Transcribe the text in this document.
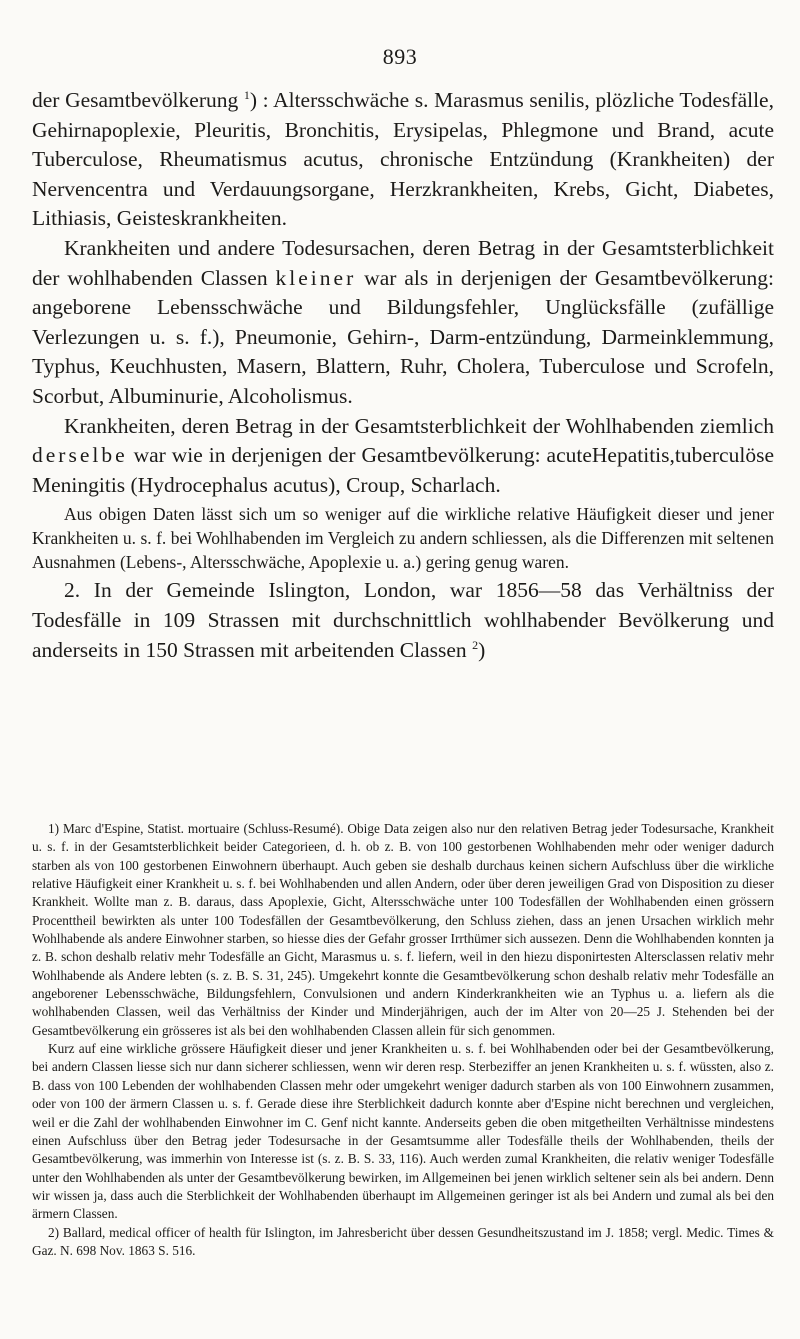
893

der Gesamtbevölkerung $^1$) : Altersschwäche s. Marasmus senilis, plözliche Todesfälle, Gehirnapoplexie, Pleuritis, Bronchitis, Erysipelas, Phlegmone und Brand, acute Tuberculose, Rheumatismus acutus, chronische Entzündung (Krankheiten) der Nervencentra und Verdauungsorgane, Herzkrankheiten, Krebs, Gicht, Diabetes, Lithiasis, Geisteskrankheiten.

Krankheiten und andere Todesursachen, deren Betrag in der Gesamtsterblichkeit der wohlhabenden Classen kleiner war als in derjenigen der Gesamtbevölkerung: angeborene Lebensschwäche und Bildungsfehler, Unglücksfälle (zufällige Verlezungen u. s. f.), Pneumonie, Gehirn-, Darm-entzündung, Darmeinklemmung, Typhus, Keuchhusten, Masern, Blattern, Ruhr, Cholera, Tuberculose und Scrofeln, Scorbut, Albuminurie, Alcoholismus.

Krankheiten, deren Betrag in der Gesamtsterblichkeit der Wohlhabenden ziemlich derselbe war wie in derjenigen der Gesamtbevölkerung: acuteHepatitis,tuberculöse Meningitis (Hydrocephalus acutus), Croup, Scharlach.

Aus obigen Daten lässt sich um so weniger auf die wirkliche relative Häufigkeit dieser und jener Krankheiten u. s. f. bei Wohlhabenden im Vergleich zu andern schliessen, als die Differenzen mit seltenen Ausnahmen (Lebens-, Altersschwäche, Apoplexie u. a.) gering genug waren.

2. In der Gemeinde Islington, London, war 1856—58 das Verhältniss der Todesfälle in 109 Strassen mit durchschnittlich wohlhabender Bevölkerung und anderseits in 150 Strassen mit arbeitenden Classen $^2$)

1) Marc d'Espine, Statist. mortuaire (Schluss-Resumé). Obige Data zeigen also nur den relativen Betrag jeder Todesursache, Krankheit u. s. f. in der Gesamtsterblichkeit beider Categorieen, d. h. ob z. B. von 100 gestorbenen Wohlhabenden mehr oder weniger dadurch starben als von 100 gestorbenen Einwohnern überhaupt. Auch geben sie deshalb durchaus keinen sichern Aufschluss über die wirkliche relative Häufigkeit einer Krankheit u. s. f. bei Wohlhabenden und allen Andern, oder über deren jeweiligen Grad von Disposition zu dieser Krankheit. Wollte man z. B. daraus, dass Apoplexie, Gicht, Altersschwäche unter 100 Todesfällen der Wohlhabenden einen grössern Procenttheil bewirkten als unter 100 Todesfällen der Gesamtbevölkerung, den Schluss ziehen, dass an jenen Ursachen wirklich mehr Wohlhabende als andere Einwohner starben, so hiesse dies der Gefahr grosser Irrthümer sich aussezen. Denn die Wohlhabenden konnten ja z. B. schon deshalb relativ mehr Todesfälle an Gicht, Marasmus u. s. f. liefern, weil in den hiezu disponirtesten Altersclassen relativ mehr Wohlhabende als Andere lebten (s. z. B. S. 31, 245). Umgekehrt konnte die Gesamtbevölkerung schon deshalb relativ mehr Todesfälle an angeborener Lebensschwäche, Bildungsfehlern, Convulsionen und andern Kinderkrankheiten wie an Typhus u. a. liefern als die wohlhabenden Classen, weil das Verhältniss der Kinder und Minderjährigen, auch der im Alter von 20—25 J. Stehenden bei der Gesamtbevölkerung ein grösseres ist als bei den wohlhabenden Classen allein für sich genommen.

Kurz auf eine wirkliche grössere Häufigkeit dieser und jener Krankheiten u. s. f. bei Wohlhabenden oder bei der Gesamtbevölkerung, bei andern Classen liesse sich nur dann sicherer schliessen, wenn wir deren resp. Sterbeziffer an jenen Krankheiten u. s. f. wüssten, also z. B. dass von 100 Lebenden der wohlhabenden Classen mehr oder umgekehrt weniger dadurch starben als von 100 Einwohnern zusammen, oder von 100 der ärmern Classen u. s. f. Gerade diese ihre Sterblichkeit dadurch konnte aber d'Espine nicht berechnen und vergleichen, weil er die Zahl der wohlhabenden Einwohner im C. Genf nicht kannte. Anderseits geben die oben mitgetheilten Verhältnisse mindestens einen Aufschluss über den Betrag jeder Todesursache in der Gesamtsumme aller Todesfälle theils der Wohlhabenden, theils der Gesamtbevölkerung, was immerhin von Interesse ist (s. z. B. S. 33, 116). Auch werden zumal Krankheiten, die relativ weniger Todesfälle unter den Wohlhabenden als unter der Gesamtbevölkerung bewirken, im Allgemeinen bei jenen wirklich seltener sein als bei andern. Denn wir wissen ja, dass auch die Sterblichkeit der Wohlhabenden überhaupt im Allgemeinen geringer ist als bei Andern und zumal als bei den ärmern Classen.

2) Ballard, medical officer of health für Islington, im Jahresbericht über dessen Gesundheitszustand im J. 1858; vergl. Medic. Times & Gaz. N. 698 Nov. 1863 S. 516.
